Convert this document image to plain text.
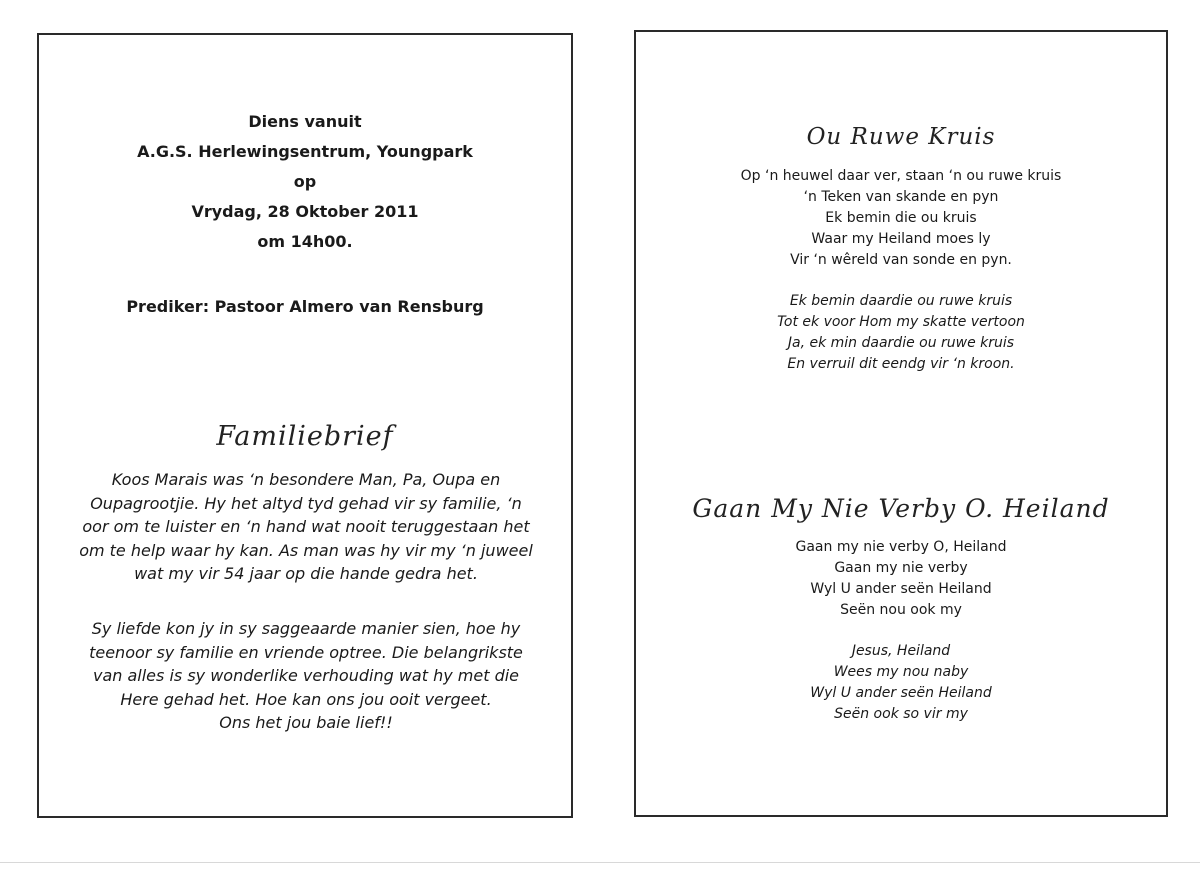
Diens vanuit
A.G.S. Herlewingsentrum, Youngpark
op
Vrydag, 28 Oktober 2011
om 14h00.
Prediker: Pastoor Almero van Rensburg
Familiebrief
Koos Marais was ‘n besondere Man, Pa, Oupa en
Oupagrootjie. Hy het altyd tyd gehad vir sy familie, ‘n
oor om te luister en ‘n hand wat nooit teruggestaan het
om te help waar hy kan. As man was hy vir my ‘n juweel
wat my vir 54 jaar op die hande gedra het.
Sy liefde kon jy in sy saggeaarde manier sien, hoe hy
teenoor sy familie en vriende optree. Die belangrikste
van alles is sy wonderlike verhouding wat hy met die
Here gehad het. Hoe kan ons jou ooit vergeet.
Ons het jou baie lief!!
Ou Ruwe Kruis
Op ‘n heuwel daar ver, staan ‘n ou ruwe kruis
‘n Teken van skande en pyn
Ek bemin die ou kruis
Waar my Heiland moes ly
Vir ‘n wêreld van sonde en pyn.
Ek bemin daardie ou ruwe kruis
Tot ek voor Hom my skatte vertoon
Ja, ek min daardie ou ruwe kruis
En verruil dit eendg vir ‘n kroon.
Gaan My Nie Verby O. Heiland
Gaan my nie verby O, Heiland
Gaan my nie verby
Wyl U ander seën Heiland
Seën nou ook my
Jesus, Heiland
Wees my nou naby
Wyl U ander seën Heiland
Seën ook so vir my
